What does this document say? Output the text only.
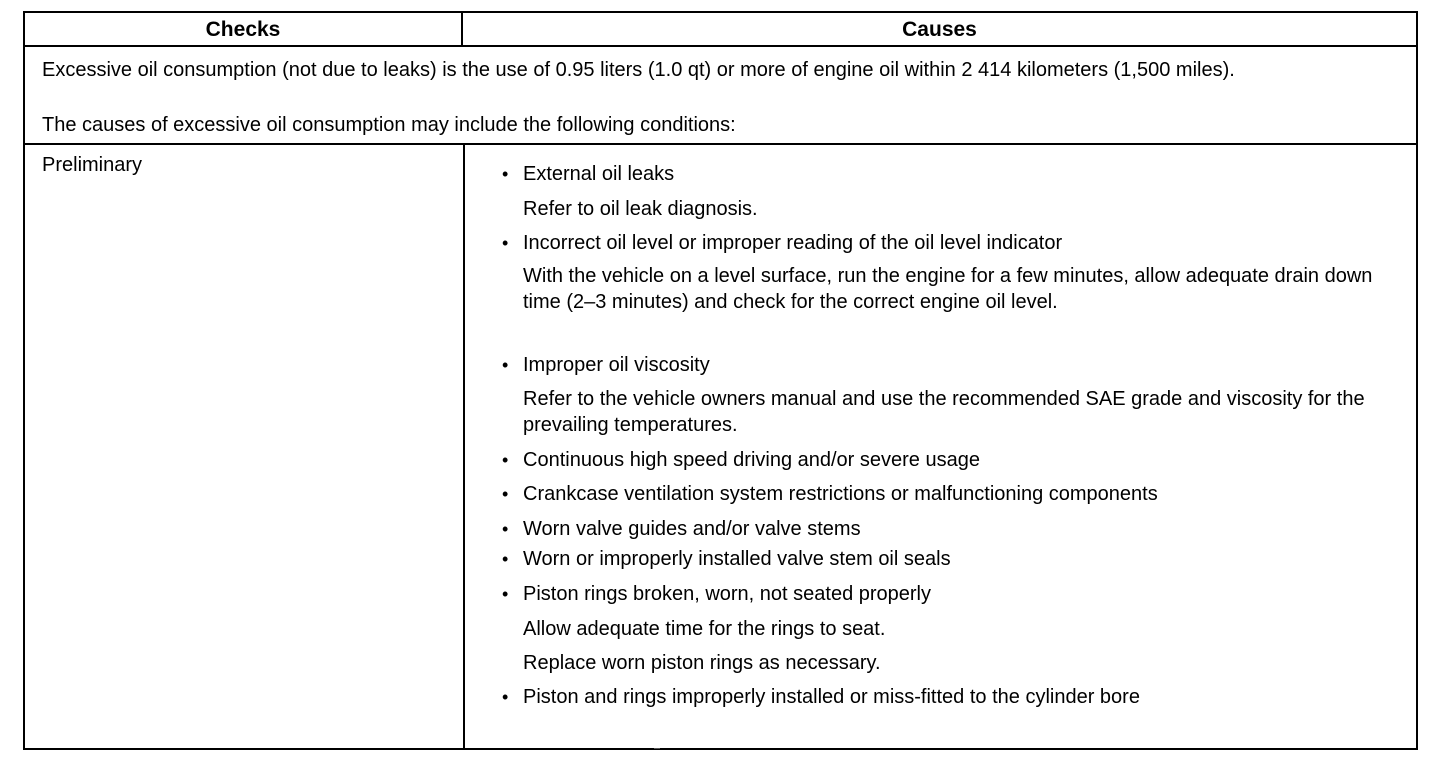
Checks	Causes

Excessive oil consumption (not due to leaks) is the use of 0.95 liters (1.0 qt) or more of engine oil within 2 414 kilometers (1,500 miles).

The causes of excessive oil consumption may include the following conditions:

Preliminary	• External oil leaks
Refer to oil leak diagnosis.
• Incorrect oil level or improper reading of the oil level indicator
With the vehicle on a level surface, run the engine for a few minutes, allow adequate drain down time (2–3 minutes) and check for the correct engine oil level.
• Improper oil viscosity
Refer to the vehicle owners manual and use the recommended SAE grade and viscosity for the prevailing temperatures.
• Continuous high speed driving and/or severe usage
• Crankcase ventilation system restrictions or malfunctioning components
• Worn valve guides and/or valve stems
• Worn or improperly installed valve stem oil seals
• Piston rings broken, worn, not seated properly
Allow adequate time for the rings to seat.
Replace worn piston rings as necessary.
• Piston and rings improperly installed or miss-fitted to the cylinder bore
